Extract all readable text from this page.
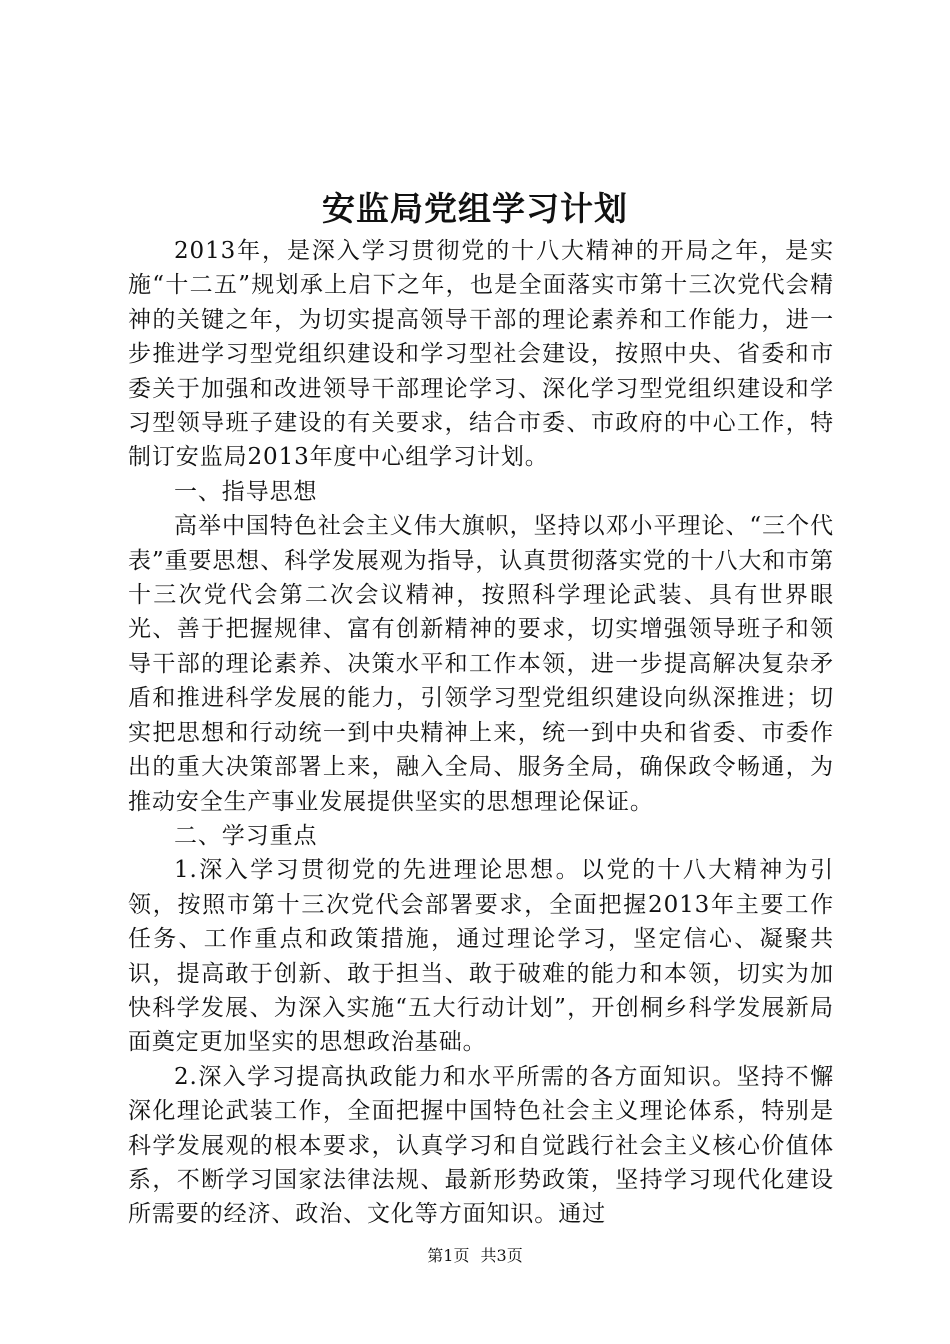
安监局党组学习计划

2013年，是深入学习贯彻党的十八大精神的开局之年，是实施“十二五”规划承上启下之年，也是全面落实市第十三次党代会精神的关键之年，为切实提高领导干部的理论素养和工作能力，进一步推进学习型党组织建设和学习型社会建设，按照中央、省委和市委关于加强和改进领导干部理论学习、深化学习型党组织建设和学习型领导班子建设的有关要求，结合市委、市政府的中心工作，特制订安监局2013年度中心组学习计划。

一、指导思想

高举中国特色社会主义伟大旗帜，坚持以邓小平理论、“三个代表”重要思想、科学发展观为指导，认真贯彻落实党的十八大和市第十三次党代会第二次会议精神，按照科学理论武装、具有世界眼光、善于把握规律、富有创新精神的要求，切实增强领导班子和领导干部的理论素养、决策水平和工作本领，进一步提高解决复杂矛盾和推进科学发展的能力，引领学习型党组织建设向纵深推进；切实把思想和行动统一到中央精神上来，统一到中央和省委、市委作出的重大决策部署上来，融入全局、服务全局，确保政令畅通，为推动安全生产事业发展提供坚实的思想理论保证。

二、学习重点

1.深入学习贯彻党的先进理论思想。以党的十八大精神为引领，按照市第十三次党代会部署要求，全面把握2013年主要工作任务、工作重点和政策措施，通过理论学习，坚定信心、凝聚共识，提高敢于创新、敢于担当、敢于破难的能力和本领，切实为加快科学发展、为深入实施“五大行动计划”，开创桐乡科学发展新局面奠定更加坚实的思想政治基础。

2.深入学习提高执政能力和水平所需的各方面知识。坚持不懈深化理论武装工作，全面把握中国特色社会主义理论体系，特别是科学发展观的根本要求，认真学习和自觉践行社会主义核心价值体系，不断学习国家法律法规、最新形势政策，坚持学习现代化建设所需要的经济、政治、文化等方面知识。通过

第1页 共3页
